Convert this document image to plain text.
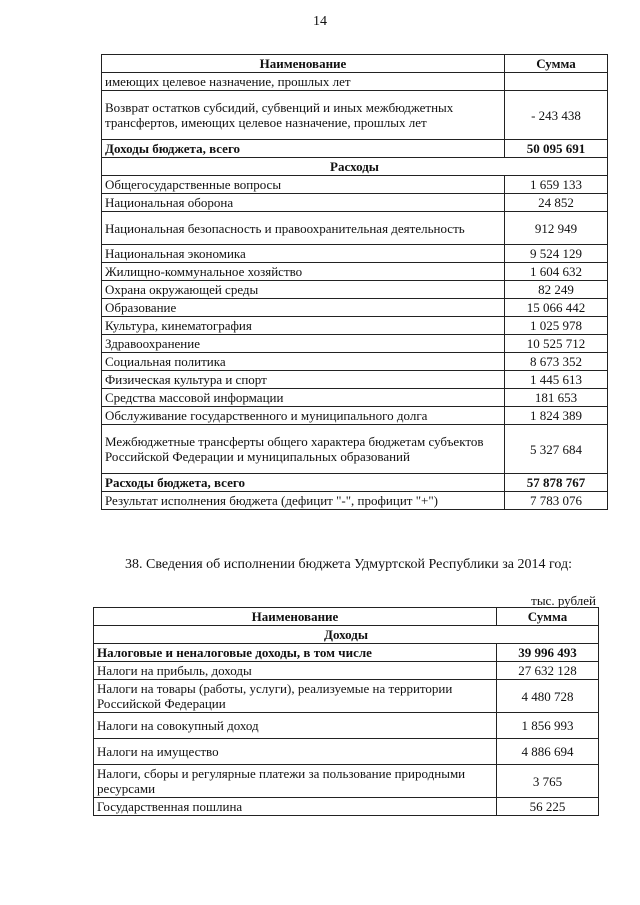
14
Наименование	Сумма
имеющих целевое назначение, прошлых лет	
Возврат остатков субсидий, субвенций и иных межбюджетных трансфертов, имеющих целевое назначение, прошлых лет	- 243 438
Доходы бюджета, всего	50 095 691
Расходы	
Общегосударственные вопросы	1 659 133
Национальная оборона	24 852
Национальная безопасность и правоохранительная деятельность	912 949
Национальная экономика	9 524 129
Жилищно-коммунальное хозяйство	1 604 632
Охрана окружающей среды	82 249
Образование	15 066 442
Культура, кинематография	1 025 978
Здравоохранение	10 525 712
Социальная политика	8 673 352
Физическая культура и спорт	1 445 613
Средства массовой информации	181 653
Обслуживание государственного и муниципального долга	1 824 389
Межбюджетные трансферты общего характера бюджетам субъектов Российской Федерации и муниципальных образований	5 327 684
Расходы бюджета, всего	57 878 767
Результат исполнения бюджета (дефицит "-", профицит "+")	7 783 076
38. Сведения об исполнении бюджета Удмуртской Республики за 2014 год:
тыс. рублей
Наименование	Сумма
Доходы	
Налоговые и неналоговые доходы, в том числе	39 996 493
Налоги на прибыль, доходы	27 632 128
Налоги на товары (работы, услуги), реализуемые на территории Российской Федерации	4 480 728
Налоги на совокупный доход	1 856 993
Налоги на имущество	4 886 694
Налоги, сборы и регулярные платежи за пользование природными ресурсами	3 765
Государственная пошлина	56 225
